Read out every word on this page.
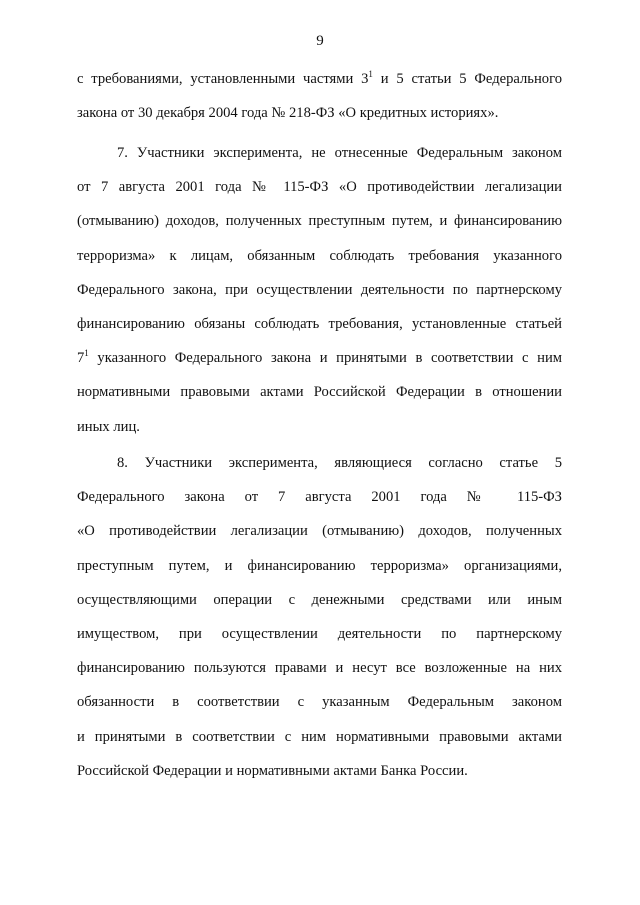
9
с требованиями, установленными частями $3^1$ и 5 статьи 5 Федерального
закона от 30 декабря 2004 года № 218-ФЗ «О кредитных историях».
7. Участники эксперимента, не отнесенные Федеральным законом
от 7 августа 2001 года № 115-ФЗ «О противодействии легализации
(отмыванию) доходов, полученных преступным путем, и финансированию
терроризма» к лицам, обязанным соблюдать требования указанного
Федерального закона, при осуществлении деятельности по партнерскому
финансированию обязаны соблюдать требования, установленные статьей
$7^1$ указанного Федерального закона и принятыми в соответствии с ним
нормативными правовыми актами Российской Федерации в отношении
иных лиц.
8. Участники эксперимента, являющиеся согласно статье 5
Федерального закона от 7 августа 2001 года № 115-ФЗ
«О противодействии легализации (отмыванию) доходов, полученных
преступным путем, и финансированию терроризма» организациями,
осуществляющими операции с денежными средствами или иным
имуществом, при осуществлении деятельности по партнерскому
финансированию пользуются правами и несут все возложенные на них
обязанности в соответствии с указанным Федеральным законом
и принятыми в соответствии с ним нормативными правовыми актами
Российской Федерации и нормативными актами Банка России.
